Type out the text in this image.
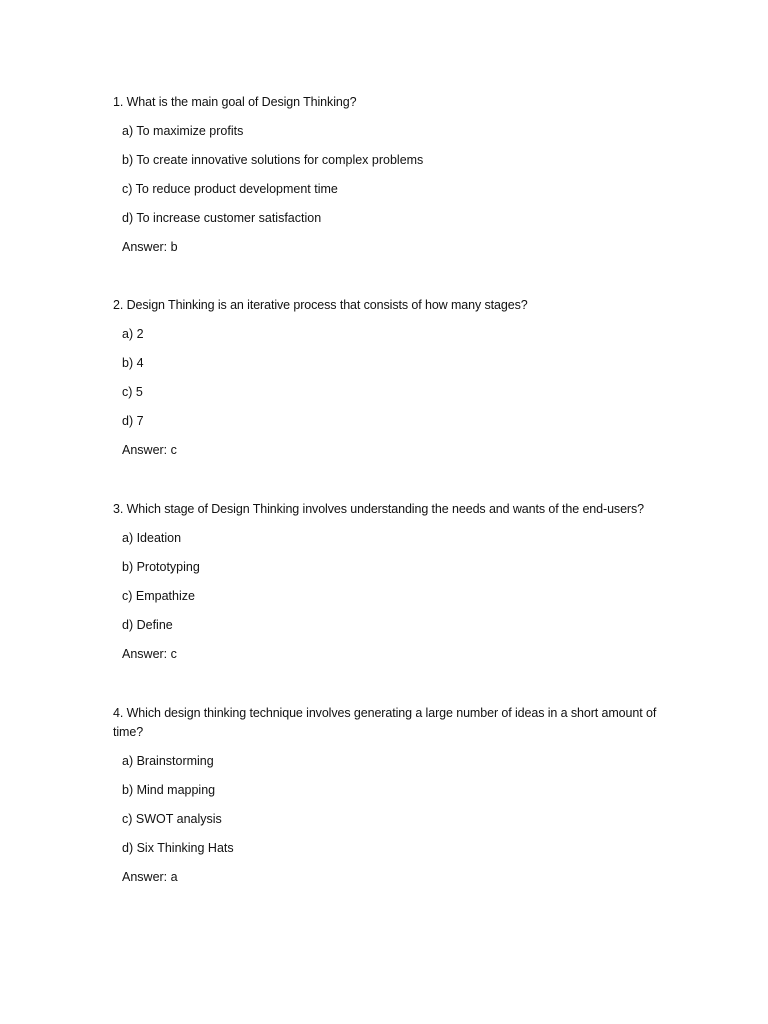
1. What is the main goal of Design Thinking?

a) To maximize profits
b) To create innovative solutions for complex problems
c) To reduce product development time
d) To increase customer satisfaction
Answer: b

2. Design Thinking is an iterative process that consists of how many stages?

a) 2
b) 4
c) 5
d) 7
Answer: c

3. Which stage of Design Thinking involves understanding the needs and wants of the end-users?

a) Ideation
b) Prototyping
c) Empathize
d) Define
Answer: c

4. Which design thinking technique involves generating a large number of ideas in a short amount of time?

a) Brainstorming
b) Mind mapping
c) SWOT analysis
d) Six Thinking Hats
Answer: a
